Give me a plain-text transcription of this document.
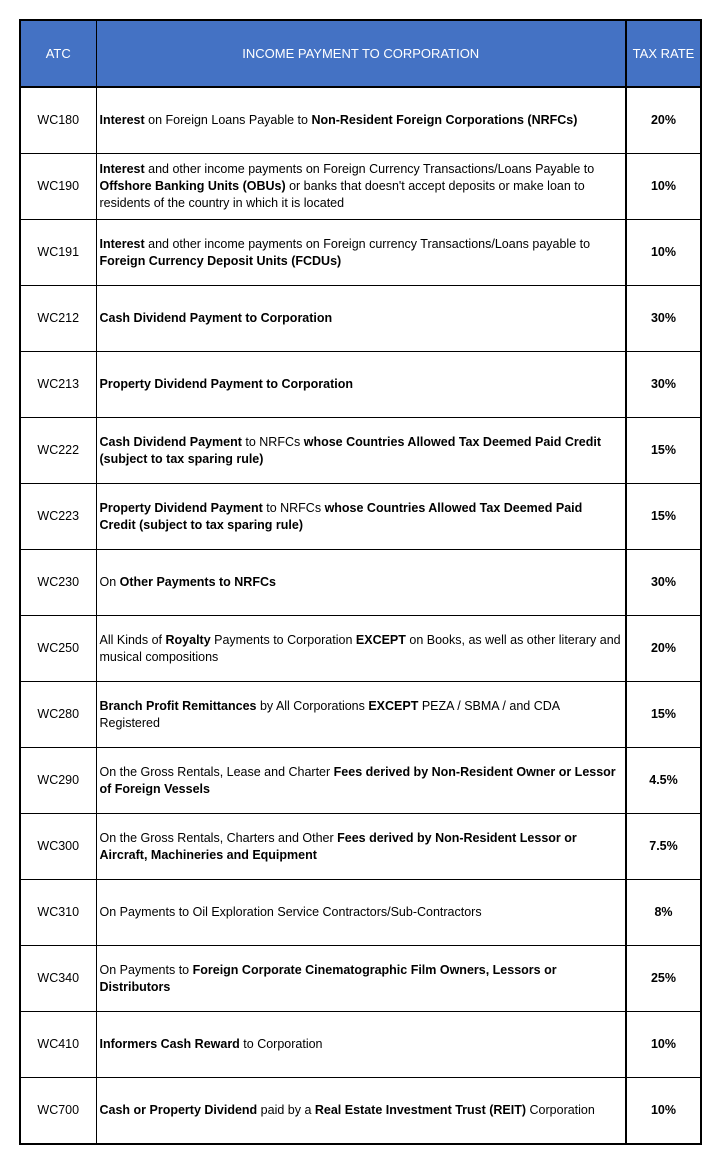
ATC	INCOME PAYMENT TO CORPORATION	TAX RATE
WC180	Interest on Foreign Loans Payable to Non-Resident Foreign Corporations (NRFCs)	20%
WC190	Interest and other income payments on Foreign Currency Transactions/Loans Payable to Offshore Banking Units (OBUs) or banks that doesn't accept deposits or make loan to residents of the country in which it is located	10%
WC191	Interest and other income payments on Foreign currency Transactions/Loans payable to Foreign Currency Deposit Units (FCDUs)	10%
WC212	Cash Dividend Payment to Corporation	30%
WC213	Property Dividend Payment to Corporation	30%
WC222	Cash Dividend Payment to NRFCs whose Countries Allowed Tax Deemed Paid Credit (subject to tax sparing rule)	15%
WC223	Property Dividend Payment to NRFCs whose Countries Allowed Tax Deemed Paid Credit (subject to tax sparing rule)	15%
WC230	On Other Payments to NRFCs	30%
WC250	All Kinds of Royalty Payments to Corporation EXCEPT on Books, as well as other literary and musical compositions	20%
WC280	Branch Profit Remittances by All Corporations EXCEPT PEZA / SBMA / and CDA Registered	15%
WC290	On the Gross Rentals, Lease and Charter Fees derived by Non-Resident Owner or Lessor of Foreign Vessels	4.5%
WC300	On the Gross Rentals, Charters and Other Fees derived by Non-Resident Lessor or Aircraft, Machineries and Equipment	7.5%
WC310	On Payments to Oil Exploration Service Contractors/Sub-Contractors	8%
WC340	On Payments to Foreign Corporate Cinematographic Film Owners, Lessors or Distributors	25%
WC410	Informers Cash Reward to Corporation	10%
WC700	Cash or Property Dividend paid by a Real Estate Investment Trust (REIT) Corporation	10%
